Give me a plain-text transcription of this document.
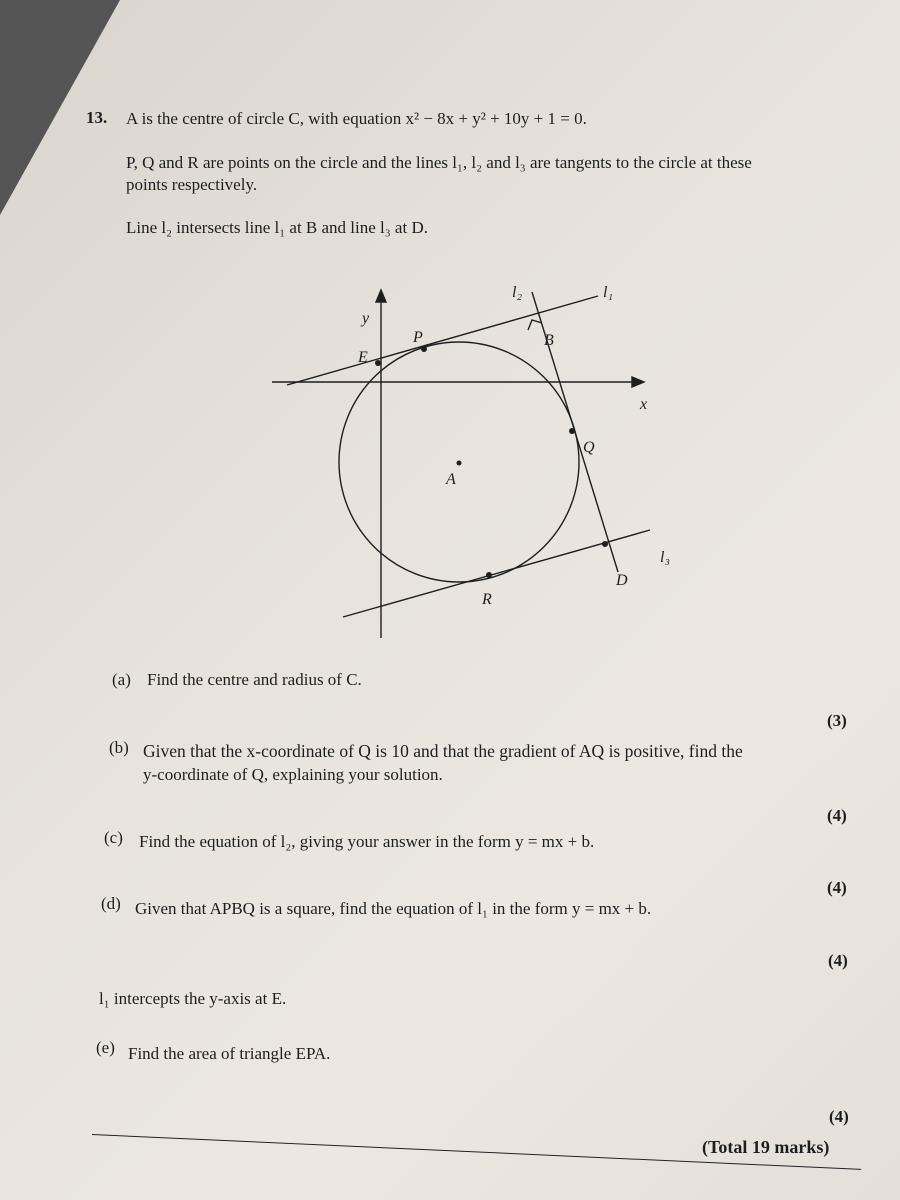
13. A is the centre of circle C, with equation x² − 8x + y² + 10y + 1 = 0.
P, Q and R are points on the circle and the lines l₁, l₂ and l₃ are tangents to the circle at these
points respectively.
Line l₂ intersects line l₁ at B and line l₃ at D.
y
x
l₂	l₁
l₃
P	B
E
Q
A
D
R
(a) Find the centre and radius of C.
(3)
(b) Given that the x-coordinate of Q is 10 and that the gradient of AQ is positive, find the
y-coordinate of Q, explaining your solution.
(4)
(c) Find the equation of l₂, giving your answer in the form y = mx + b.
(4)
(d) Given that APBQ is a square, find the equation of l₁ in the form y = mx + b.
(4)
l₁ intercepts the y-axis at E.
(e) Find the area of triangle EPA.
(4)
(Total 19 marks)
